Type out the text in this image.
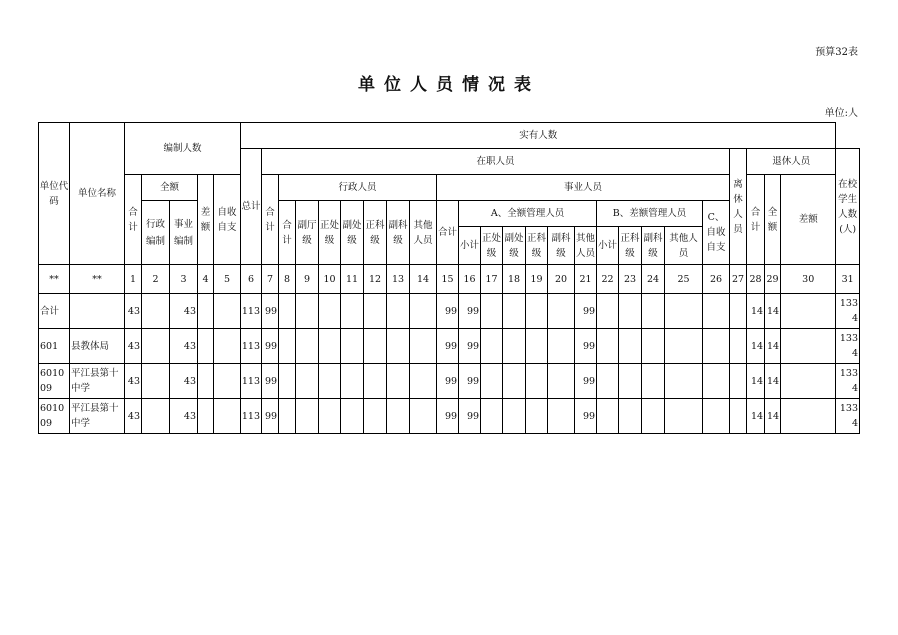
预算32表
单位人员情况表
单位:人
单位代码	单位名称	编制人数					实有人数																									
							总计	在职人员																				离休人员	退休人员			在校学生人数(人)
		合计	全额		差额	自收自支		合计	行政人员							事业人员													合计	全额	差额	
			行政编制	事业编制					合计	副厅级	正处级	副处级	正科级	副科级	其他人员	合计	A、全额管理人员						B、差额管理人员				C、自收自支					
																	小计	正处级	副处级	正科级	副科级	其他人员	小计	正科级	副科级	其他人员						
**	**	1	2	3	4	5	6	7	8	9	10	11	12	13	14	15	16	17	18	19	20	21	22	23	24	25	26	27	28	29	30	31
合计		43		43			113	99								99	99					99							14	14		1334
601	县教体局	43		43			113	99								99	99					99							14	14		1334
601009	平江县第十中学	43		43			113	99								99	99					99							14	14		1334
601009	平江县第十中学	43		43			113	99								99	99					99							14	14		1334
